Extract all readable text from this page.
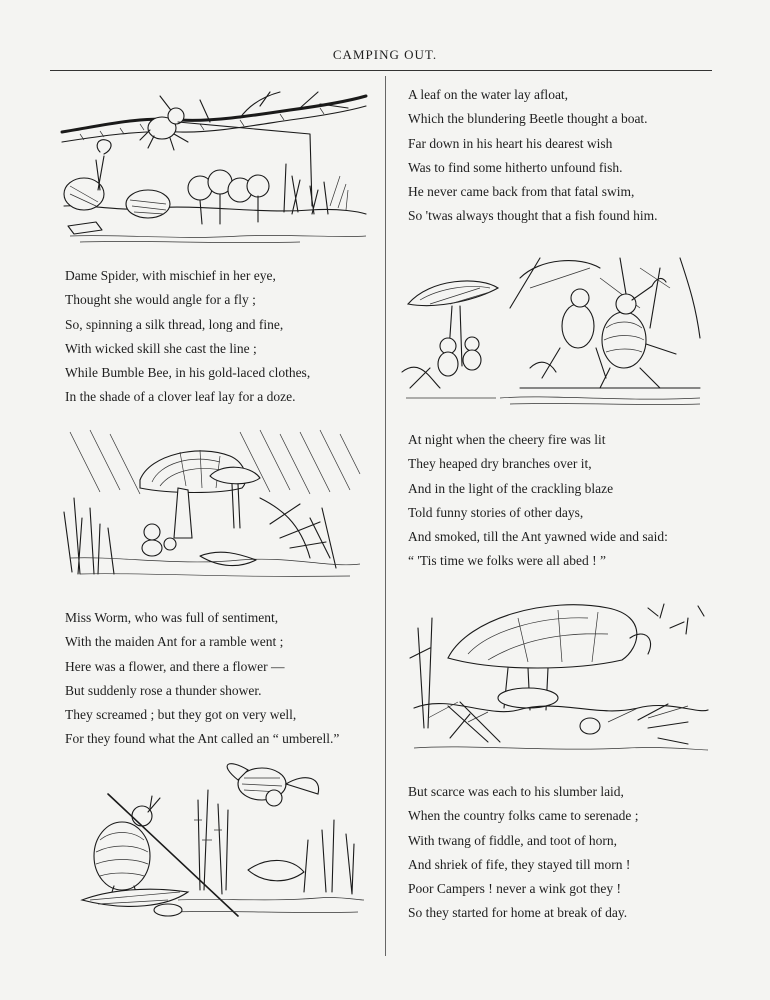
CAMPING OUT.
Dame Spider, with mischief in her eye,
Thought she would angle for a fly ;
So, spinning a silk thread, long and fine,
With wicked skill she cast the line ;
While Bumble Bee, in his gold-laced clothes,
In the shade of a clover leaf lay for a doze.
Miss Worm, who was full of sentiment,
With the maiden Ant for a ramble went ;
Here was a flower, and there a flower —
But suddenly rose a thunder shower.
They screamed ; but they got on very well,
For they found what the Ant called an “ umberell.”
A leaf on the water lay afloat,
Which the blundering Beetle thought a boat.
Far down in his heart his dearest wish
Was to find some hitherto unfound fish.
He never came back from that fatal swim,
So 'twas always thought that a fish found him.
At night when the cheery fire was lit
They heaped dry branches over it,
And in the light of the crackling blaze
Told funny stories of other days,
And smoked, till the Ant yawned wide and said:
“ 'Tis time we folks were all abed ! ”
But scarce was each to his slumber laid,
When the country folks came to serenade ;
With twang of fiddle, and toot of horn,
And shriek of fife, they stayed till morn !
Poor Campers ! never a wink got they !
So they started for home at break of day.
